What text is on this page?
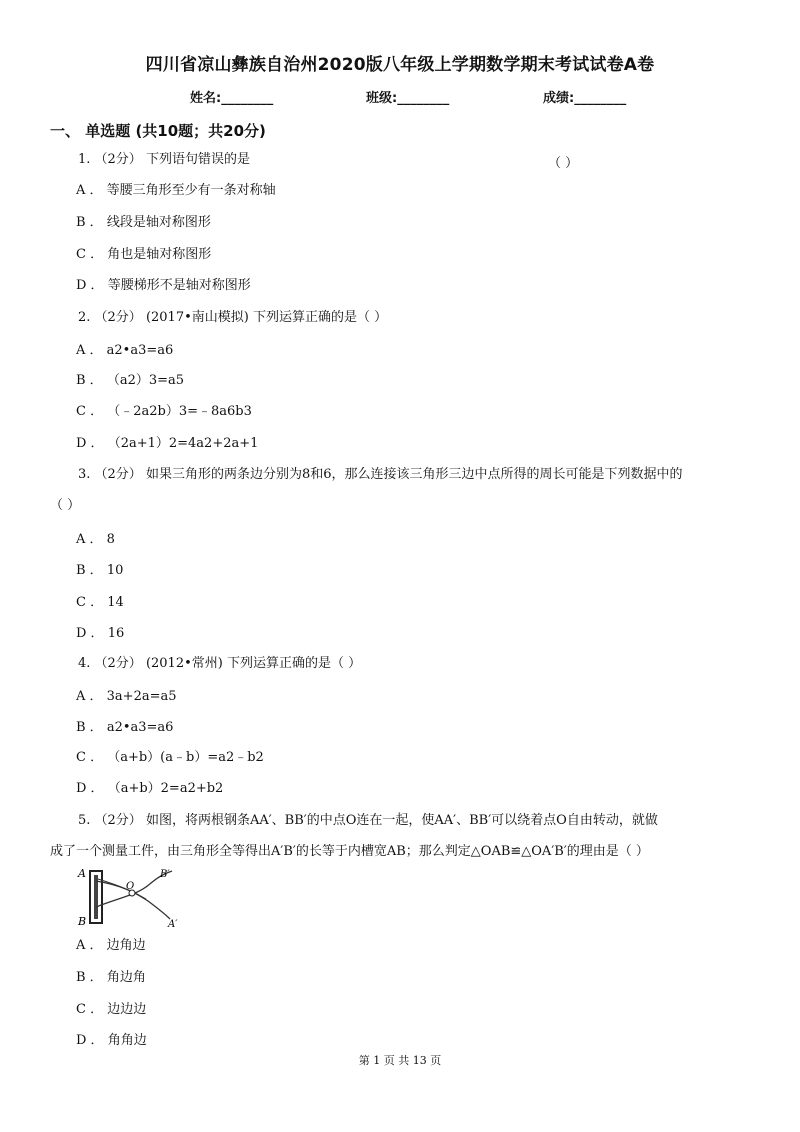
四川省凉山彝族自治州2020版八年级上学期数学期末考试试卷A卷
姓名:________	班级:________	成绩:________
一、 单选题 (共10题；共20分)
1. （2分） 下列语句错误的是	（ ）
A ． 等腰三角形至少有一条对称轴
B ． 线段是轴对称图形
C ． 角也是轴对称图形
D ． 等腰梯形不是轴对称图形
2. （2分） (2017•南山模拟) 下列运算正确的是（ ）
A ． a2•a3=a6
B ． （a2）3=a5
C ． （﹣2a2b）3=﹣8a6b3
D ． （2a+1）2=4a2+2a+1
3. （2分） 如果三角形的两条边分别为8和6，那么连接该三角形三边中点所得的周长可能是下列数据中的
（ ）
A ． 8
B ． 10
C ． 14
D ． 16
4. （2分） (2012•常州) 下列运算正确的是（ ）
A ． 3a+2a=a5
B ． a2•a3=a6
C ． （a+b）(a﹣b）=a2﹣b2
D ． （a+b）2=a2+b2
5. （2分） 如图，将两根钢条AA′、BB′的中点O连在一起，使AA′、BB′可以绕着点O自由转动，就做
成了一个测量工件，由三角形全等得出A′B′的长等于内槽宽AB；那么判定△OAB≌△OA′B′的理由是（ ）
A
B
O
B′
A′
A ． 边角边
B ． 角边角
C ． 边边边
D ． 角角边
第 1 页 共 13 页
